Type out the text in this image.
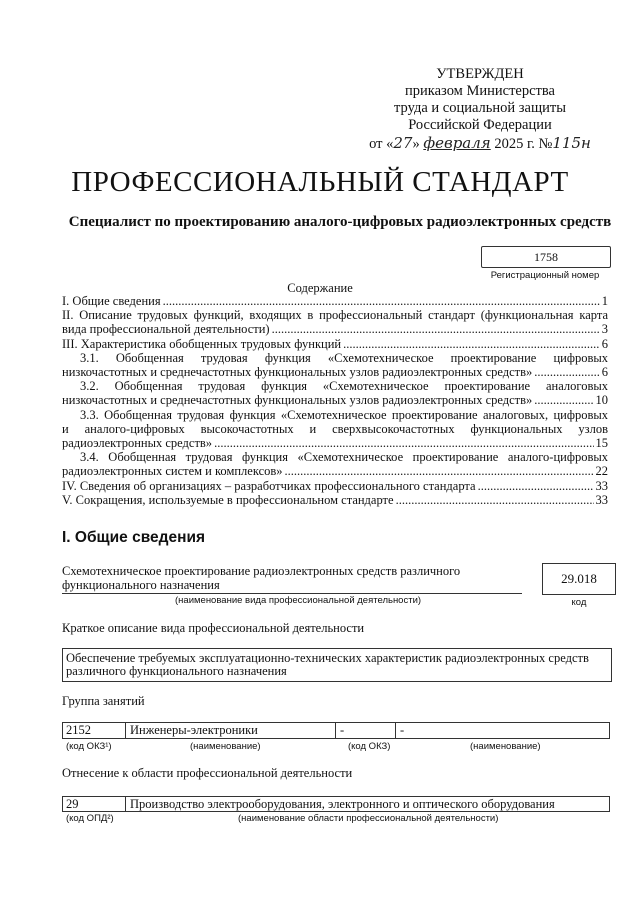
УТВЕРЖДЕН
приказом Министерства
труда и социальной защиты
Российской Федерации
от «27» февраля 2025 г. №115н
ПРОФЕССИОНАЛЬНЫЙ СТАНДАРТ
Специалист по проектированию аналого-цифровых радиоэлектронных средств
1758
Регистрационный номер
Содержание
I. Общие сведения .....	1
II. Описание трудовых функций, входящих в профессиональный стандарт (функциональная карта
вида профессиональной деятельности) .....	3
III. Характеристика обобщенных трудовых функций .....	6
3.1. Обобщенная трудовая функция «Схемотехническое проектирование цифровых
низкочастотных и среднечастотных функциональных узлов радиоэлектронных средств» .....	6
3.2. Обобщенная трудовая функция «Схемотехническое проектирование аналоговых
низкочастотных и среднечастотных функциональных узлов радиоэлектронных средств» .....	10
3.3. Обобщенная трудовая функция «Схемотехническое проектирование аналоговых, цифровых
и аналого-цифровых высокочастотных и сверхвысокочастотных функциональных узлов
радиоэлектронных средств» .....	15
3.4. Обобщенная трудовая функция «Схемотехническое проектирование аналого-цифровых
радиоэлектронных систем и комплексов» .....	22
IV. Сведения об организациях – разработчиках профессионального стандарта .....	33
V. Сокращения, используемые в профессиональном стандарте .....	33
I. Общие сведения
Схемотехническое проектирование радиоэлектронных средств различного
функционального назначения
(наименование вида профессиональной деятельности)
29.018
код
Краткое описание вида профессиональной деятельности
Обеспечение требуемых эксплуатационно-технических характеристик радиоэлектронных средств
различного функционального назначения
Группа занятий
2152	Инженеры-электроники	-	-
(код ОКЗ¹)	(наименование)	(код ОКЗ)	(наименование)
Отнесение к области профессиональной деятельности
29	Производство электрооборудования, электронного и оптического оборудования
(код ОПД²)	(наименование области профессиональной деятельности)
